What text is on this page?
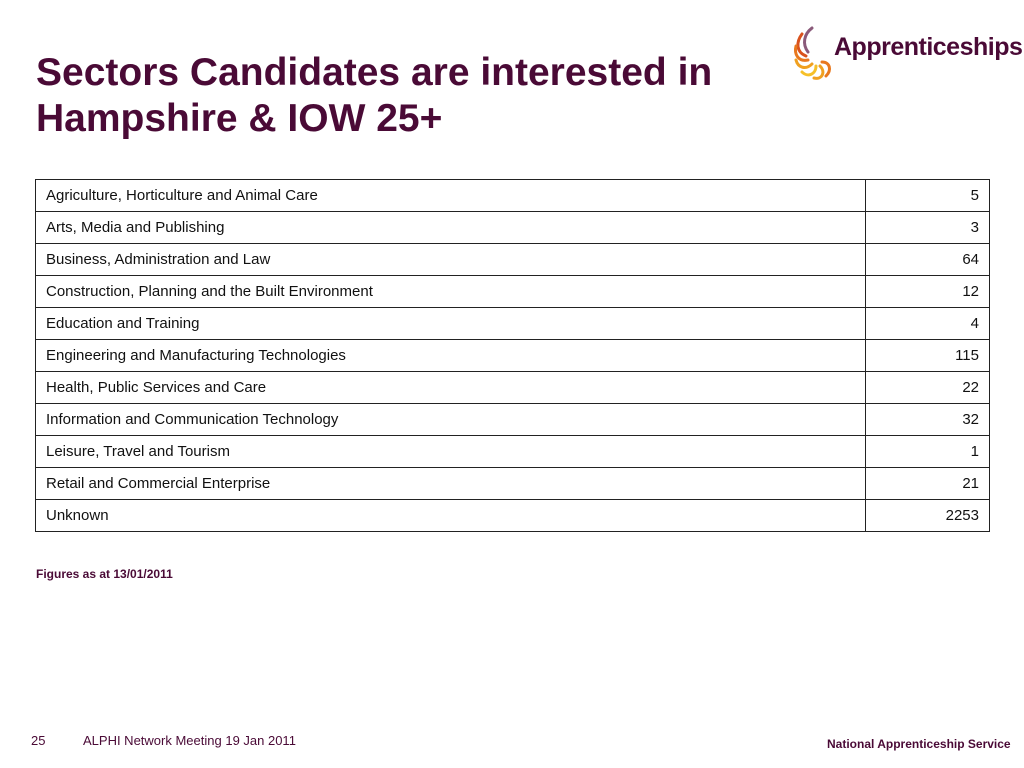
Sectors Candidates are interested in
Hampshire & IOW 25+
Apprenticeships
Agriculture, Horticulture and Animal Care	5
Arts, Media and Publishing	3
Business, Administration and Law	64
Construction, Planning and the Built Environment	12
Education and Training	4
Engineering and Manufacturing Technologies	115
Health, Public Services and Care	22
Information and Communication Technology	32
Leisure, Travel and Tourism	1
Retail and Commercial Enterprise	21
Unknown	2253
Figures as at 13/01/2011
25	ALPHI Network Meeting 19 Jan 2011	National Apprenticeship Service
